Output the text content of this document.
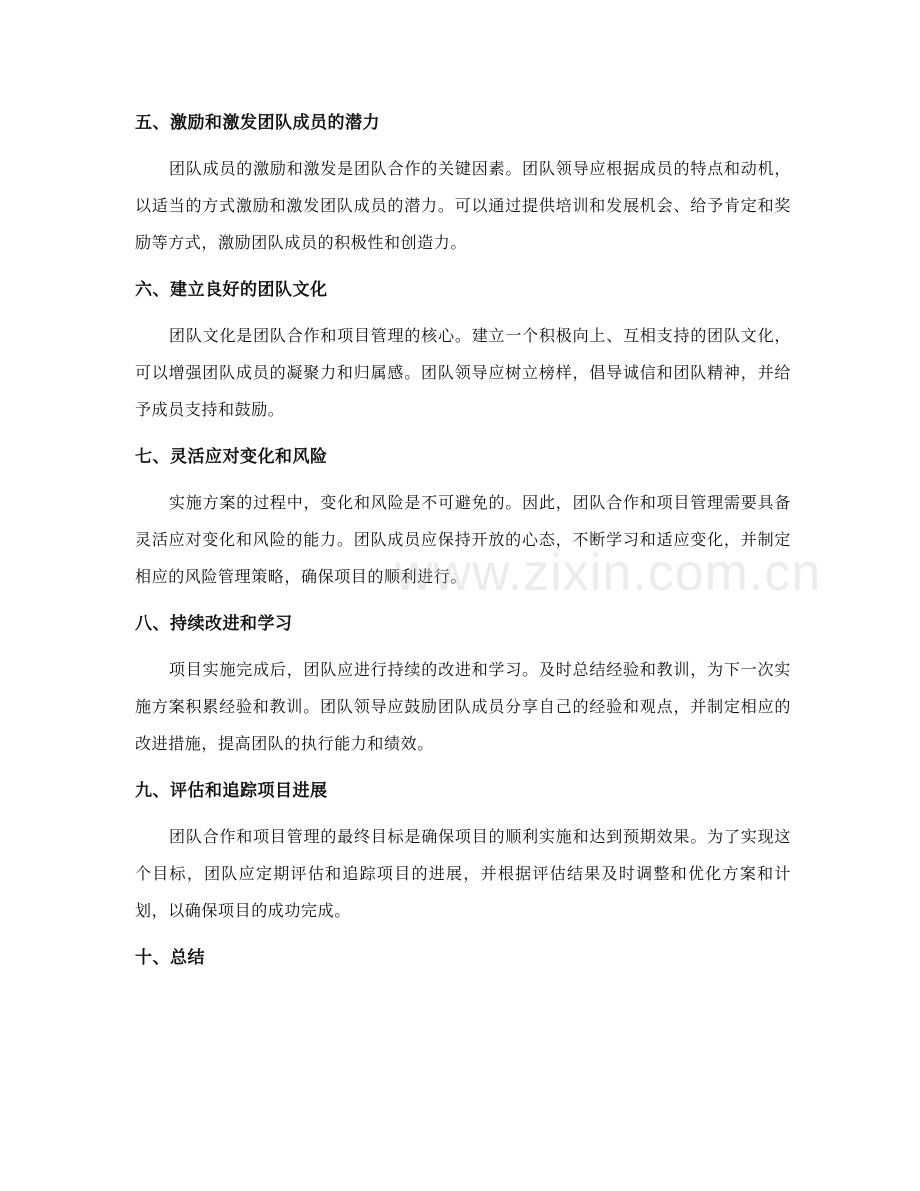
五、激励和激发团队成员的潜力

团队成员的激励和激发是团队合作的关键因素。团队领导应根据成员的特点和动机，以适当的方式激励和激发团队成员的潜力。可以通过提供培训和发展机会、给予肯定和奖励等方式，激励团队成员的积极性和创造力。

六、建立良好的团队文化

团队文化是团队合作和项目管理的核心。建立一个积极向上、互相支持的团队文化，可以增强团队成员的凝聚力和归属感。团队领导应树立榜样，倡导诚信和团队精神，并给予成员支持和鼓励。

七、灵活应对变化和风险

实施方案的过程中，变化和风险是不可避免的。因此，团队合作和项目管理需要具备灵活应对变化和风险的能力。团队成员应保持开放的心态，不断学习和适应变化，并制定相应的风险管理策略，确保项目的顺利进行。

八、持续改进和学习

项目实施完成后，团队应进行持续的改进和学习。及时总结经验和教训，为下一次实施方案积累经验和教训。团队领导应鼓励团队成员分享自己的经验和观点，并制定相应的改进措施，提高团队的执行能力和绩效。

九、评估和追踪项目进展

团队合作和项目管理的最终目标是确保项目的顺利实施和达到预期效果。为了实现这个目标，团队应定期评估和追踪项目的进展，并根据评估结果及时调整和优化方案和计划，以确保项目的成功完成。

十、总结
www.zixin.com.cn
